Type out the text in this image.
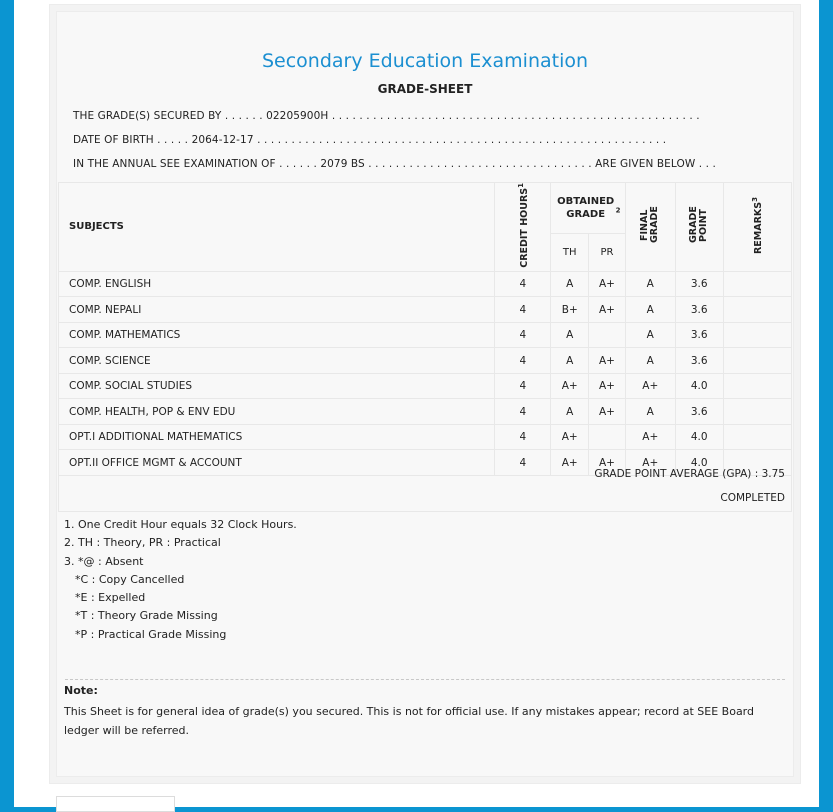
Secondary Education Examination
GRADE-SHEET
THE GRADE(S) SECURED BY . . . . . . 02205900H . . . . . . . . . . . . . . . . . . . . . . . . . . . . . . . . . . . . . . . . . . . . . . . . . . . . . .
DATE OF BIRTH . . . . . 2064-12-17 . . . . . . . . . . . . . . . . . . . . . . . . . . . . . . . . . . . . . . . . . . . . . . . . . . . . . . . . . . . .
IN THE ANNUAL SEE EXAMINATION OF . . . . . . 2079 BS . . . . . . . . . . . . . . . . . . . . . . . . . . . . . . . . . ARE GIVEN BELOW . . .
SUBJECTS	CREDIT HOURS$^1$	OBTAINED GRADE $^2$		FINAL GRADE	GRADE POINT	REMARKS$^3$
		TH	PR			
COMP. ENGLISH	4	A	A+	A	3.6	
COMP. NEPALI	4	B+	A+	A	3.6	
COMP. MATHEMATICS	4	A		A	3.6	
COMP. SCIENCE	4	A	A+	A	3.6	
COMP. SOCIAL STUDIES	4	A+	A+	A+	4.0	
COMP. HEALTH, POP & ENV EDU	4	A	A+	A	3.6	
OPT.I ADDITIONAL MATHEMATICS	4	A+		A+	4.0	
OPT.II OFFICE MGMT & ACCOUNT	4	A+	A+	A+	4.0	
GRADE POINT AVERAGE (GPA) : 3.75
COMPLETED
1. One Credit Hour equals 32 Clock Hours.
2. TH : Theory, PR : Practical
3. *@ : Absent
*C : Copy Cancelled
*E : Expelled
*T : Theory Grade Missing
*P : Practical Grade Missing
Note:
This Sheet is for general idea of grade(s) you secured. This is not for official use. If any mistakes appear; record at SEE Board ledger will be referred.
